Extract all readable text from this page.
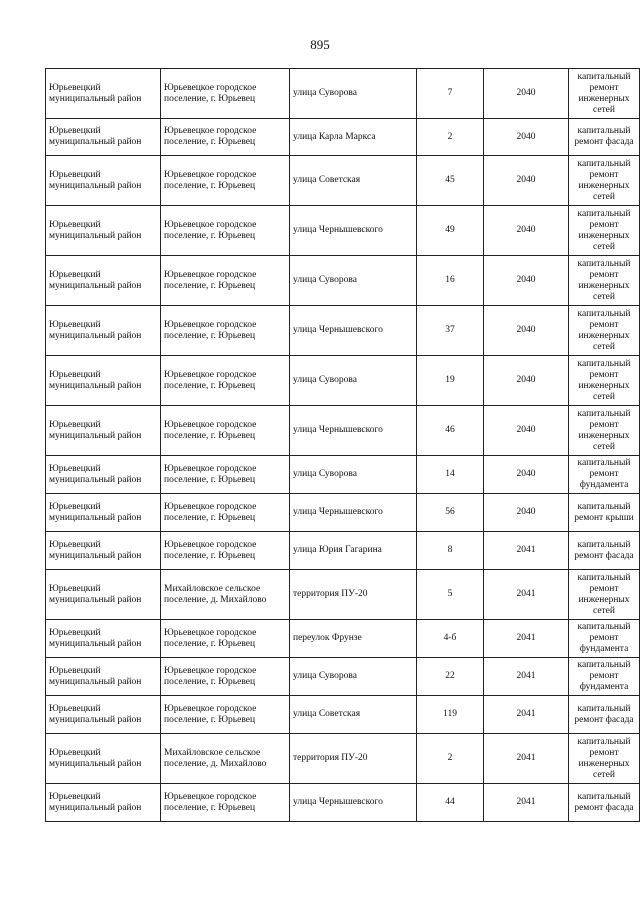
895
Юрьевецкий муниципальный район	Юрьевецкое городское поселение, г. Юрьевец	улица Суворова	7	2040	капитальный ремонт инженерных сетей
Юрьевецкий муниципальный район	Юрьевецкое городское поселение, г. Юрьевец	улица Карла Маркса	2	2040	капитальный ремонт фасада
Юрьевецкий муниципальный район	Юрьевецкое городское поселение, г. Юрьевец	улица Советская	45	2040	капитальный ремонт инженерных сетей
Юрьевецкий муниципальный район	Юрьевецкое городское поселение, г. Юрьевец	улица Чернышевского	49	2040	капитальный ремонт инженерных сетей
Юрьевецкий муниципальный район	Юрьевецкое городское поселение, г. Юрьевец	улица Суворова	16	2040	капитальный ремонт инженерных сетей
Юрьевецкий муниципальный район	Юрьевецкое городское поселение, г. Юрьевец	улица Чернышевского	37	2040	капитальный ремонт инженерных сетей
Юрьевецкий муниципальный район	Юрьевецкое городское поселение, г. Юрьевец	улица Суворова	19	2040	капитальный ремонт инженерных сетей
Юрьевецкий муниципальный район	Юрьевецкое городское поселение, г. Юрьевец	улица Чернышевского	46	2040	капитальный ремонт инженерных сетей
Юрьевецкий муниципальный район	Юрьевецкое городское поселение, г. Юрьевец	улица Суворова	14	2040	капитальный ремонт фундамента
Юрьевецкий муниципальный район	Юрьевецкое городское поселение, г. Юрьевец	улица Чернышевского	56	2040	капитальный ремонт крыши
Юрьевецкий муниципальный район	Юрьевецкое городское поселение, г. Юрьевец	улица Юрия Гагарина	8	2041	капитальный ремонт фасада
Юрьевецкий муниципальный район	Михайловское сельское поселение, д. Михайлово	территория ПУ-20	5	2041	капитальный ремонт инженерных сетей
Юрьевецкий муниципальный район	Юрьевецкое городское поселение, г. Юрьевец	переулок Фрунзе	4-б	2041	капитальный ремонт фундамента
Юрьевецкий муниципальный район	Юрьевецкое городское поселение, г. Юрьевец	улица Суворова	22	2041	капитальный ремонт фундамента
Юрьевецкий муниципальный район	Юрьевецкое городское поселение, г. Юрьевец	улица Советская	119	2041	капитальный ремонт фасада
Юрьевецкий муниципальный район	Михайловское сельское поселение, д. Михайлово	территория ПУ-20	2	2041	капитальный ремонт инженерных сетей
Юрьевецкий муниципальный район	Юрьевецкое городское поселение, г. Юрьевец	улица Чернышевского	44	2041	капитальный ремонт фасада
